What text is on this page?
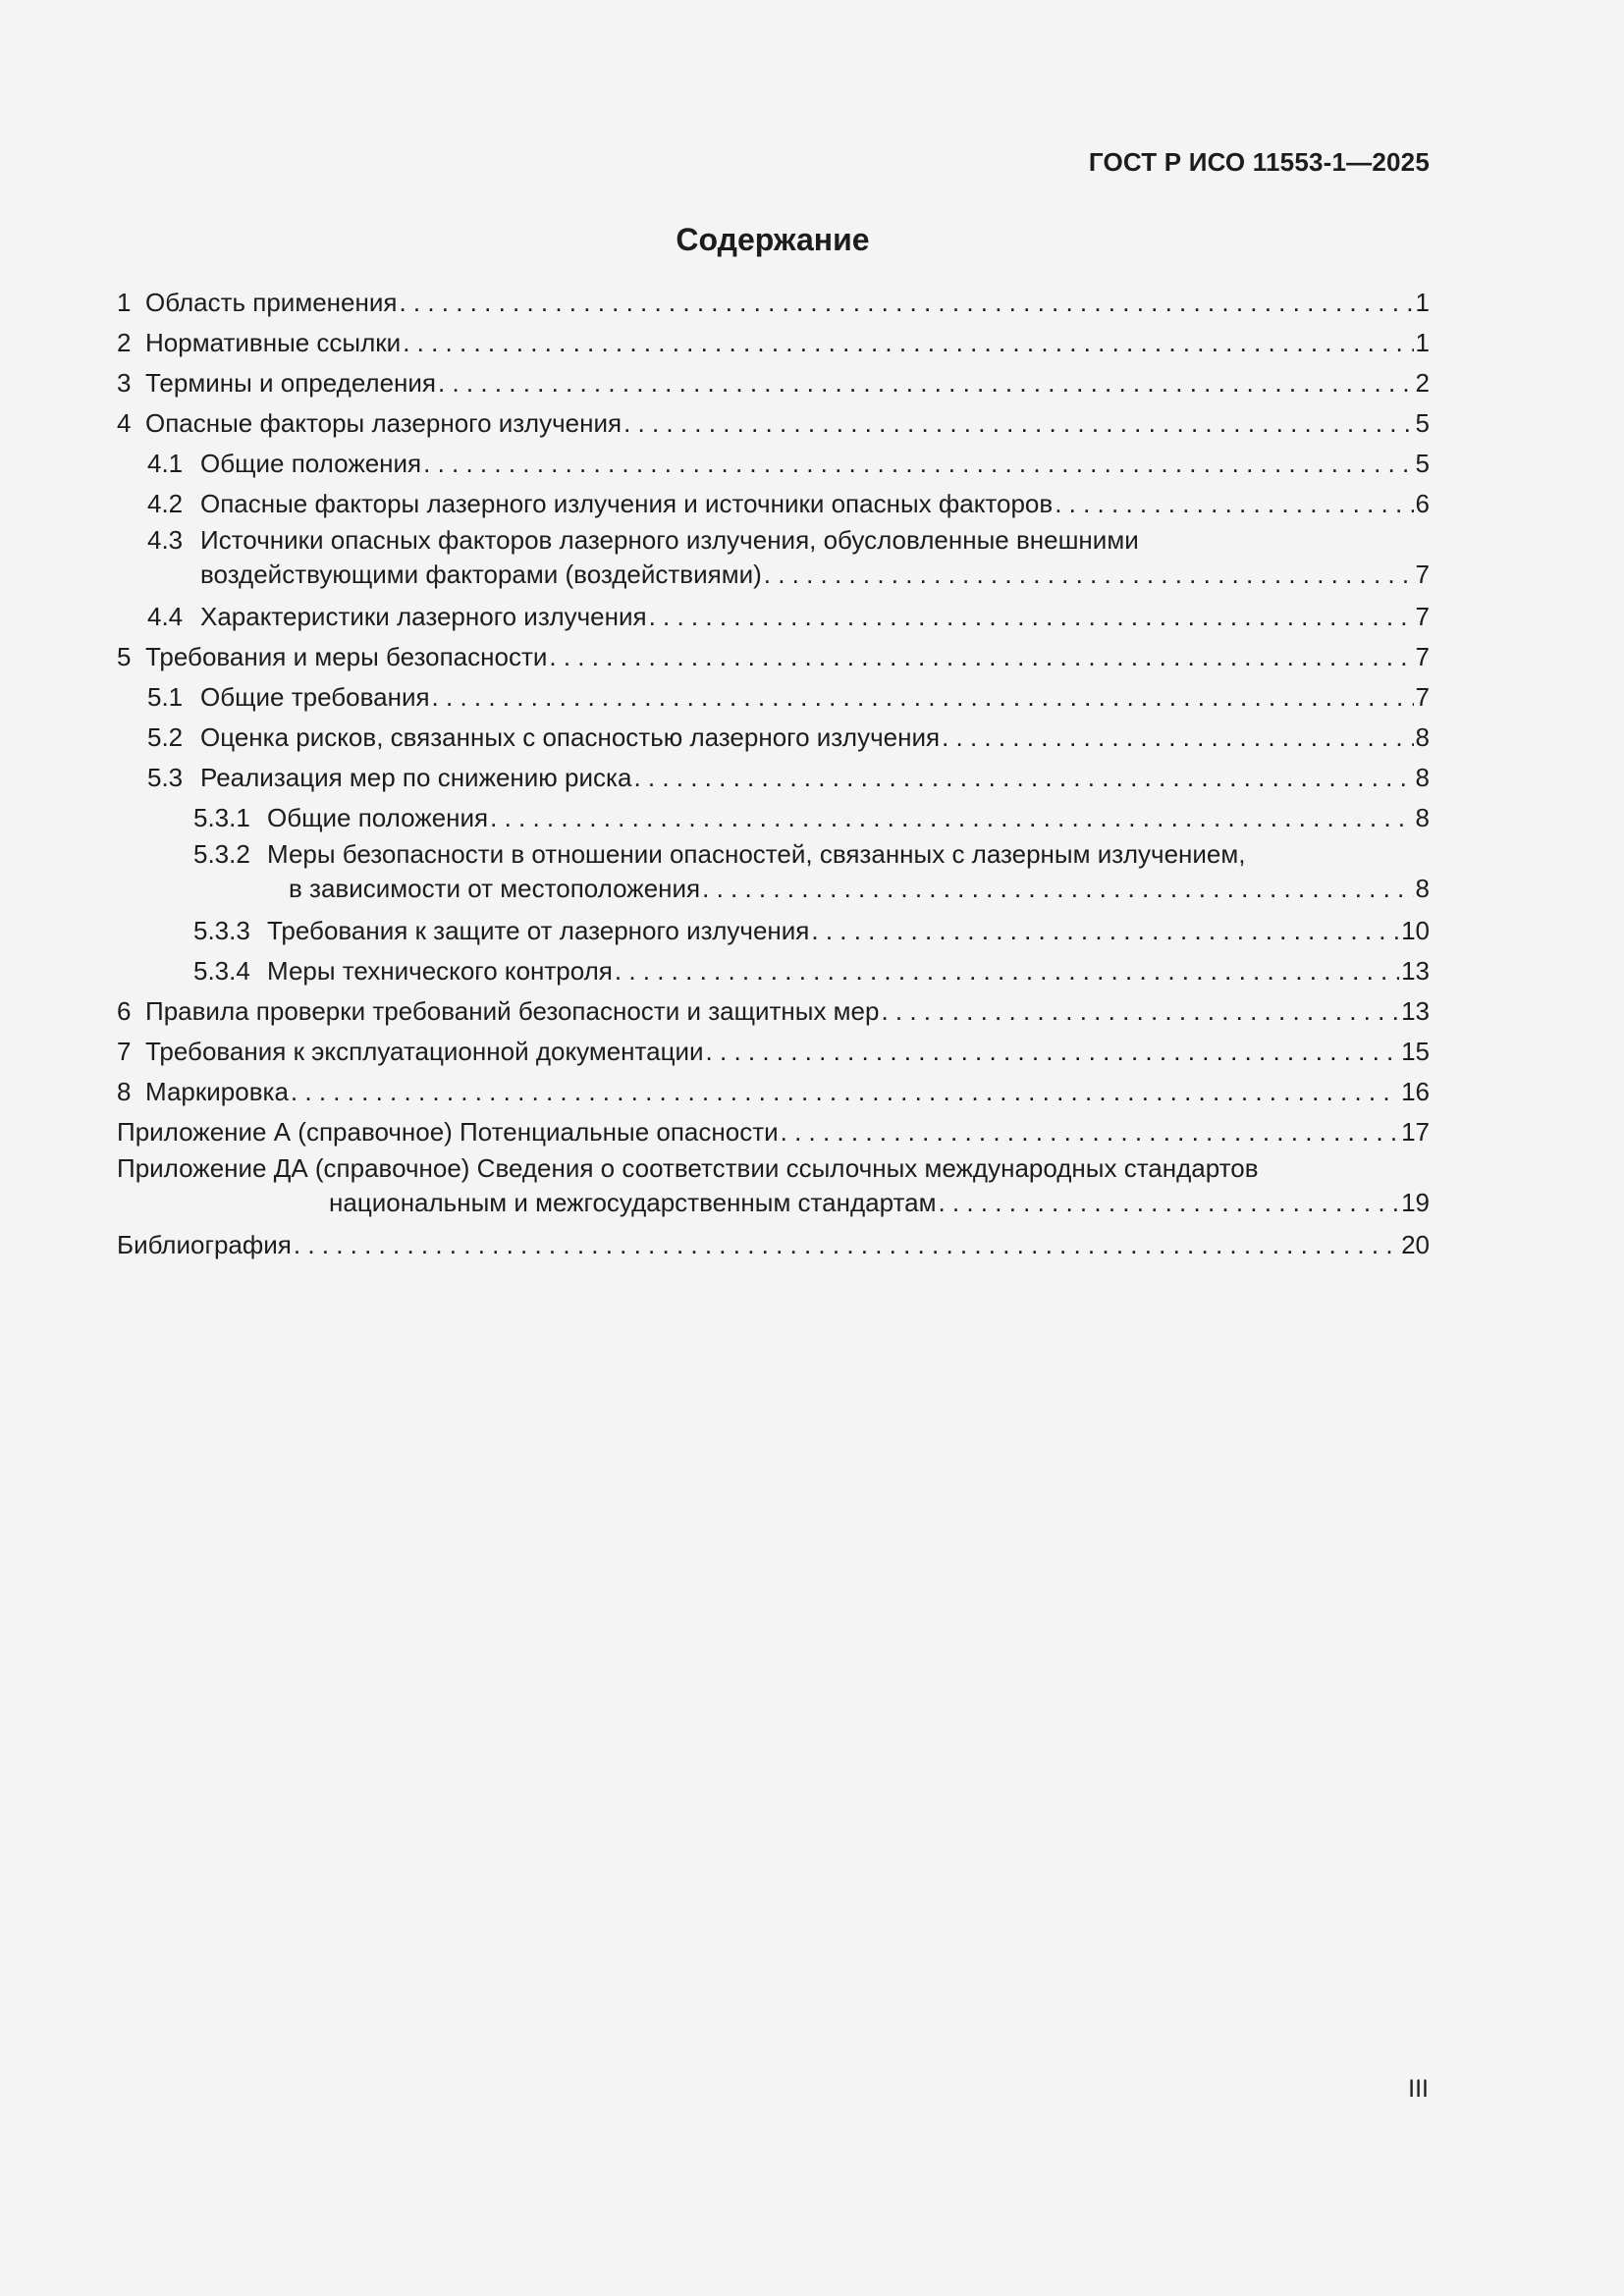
ГОСТ Р ИСО 11553-1—2025
Содержание
1 Область применения . . .	1
2 Нормативные ссылки . . .	1
3 Термины и определения . . .	2
4 Опасные факторы лазерного излучения . . .	5
4.1 Общие положения . . .	5
4.2 Опасные факторы лазерного излучения и источники опасных факторов . . .	6
4.3 Источники опасных факторов лазерного излучения, обусловленные внешними
воздействующими факторами (воздействиями) . . .	7
4.4 Характеристики лазерного излучения . . .	7
5 Требования и меры безопасности . . .	7
5.1 Общие требования . . .	7
5.2 Оценка рисков, связанных с опасностью лазерного излучения . . .	8
5.3 Реализация мер по снижению риска . . .	8
5.3.1 Общие положения . . .	8
5.3.2 Меры безопасности в отношении опасностей, связанных с лазерным излучением,
в зависимости от местоположения . . .	8
5.3.3 Требования к защите от лазерного излучения . . .	10
5.3.4 Меры технического контроля . . .	13
6 Правила проверки требований безопасности и защитных мер . . .	13
7 Требования к эксплуатационной документации . . .	15
8 Маркировка . . .	16
Приложение А (справочное) Потенциальные опасности . . .	17
Приложение ДА (справочное) Сведения о соответствии ссылочных международных стандартов
национальным и межгосударственным стандартам . . .	19
Библиография . . .	20
III
